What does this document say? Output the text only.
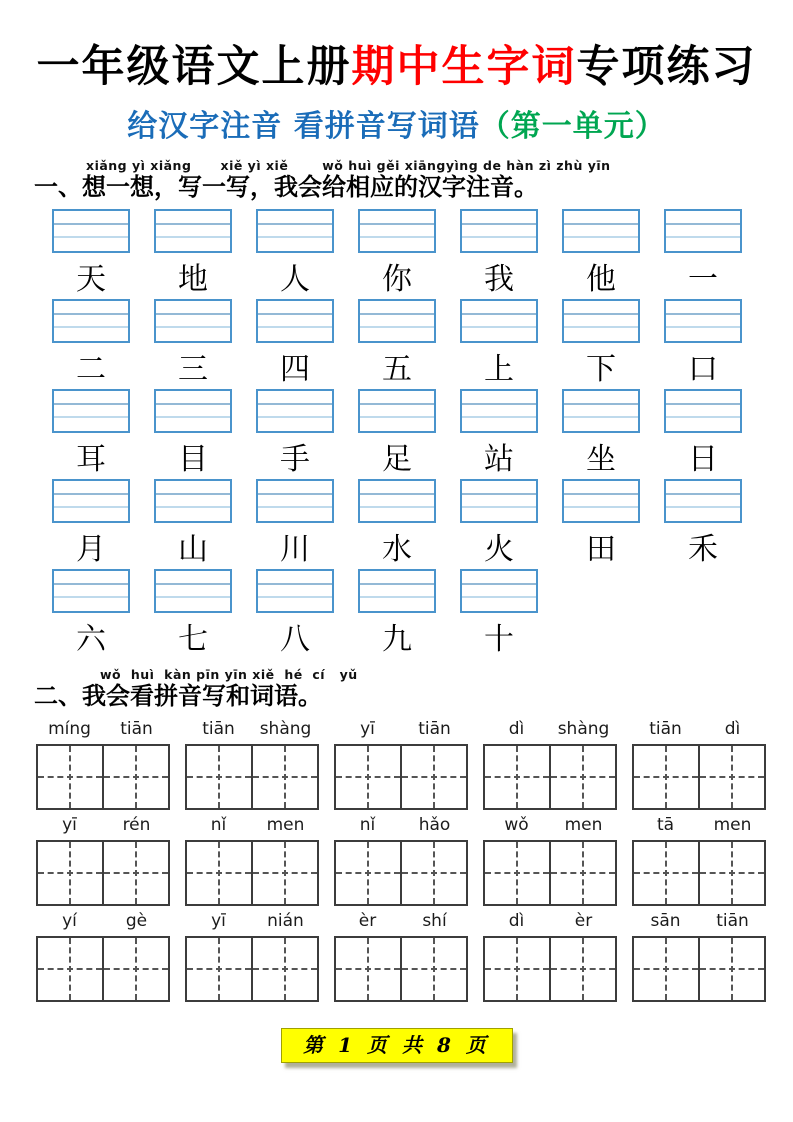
一年级语文上册期中生字词专项练习
给汉字注音 看拼音写词语（第一单元）
xiǎng yì xiǎng      xiě yì xiě       wǒ huì gěi xiāngyìng de hàn zì zhù yīn
一、想一想，写一写，我会给相应的汉字注音。
天 地 人 你 我 他 一
二 三 四 五 上 下 口
耳 目 手 足 站 坐 日
月 山 川 水 火 田 禾
六 七 八 九 十
wǒ  huì  kàn pīn yīn xiě  hé  cí   yǔ
二、我会看拼音写和词语。
míng	tiān	tiān	shàng	yī	tiān	dì	shàng	tiān	dì
yī	rén	nǐ	men	nǐ	hǎo	wǒ	men	tā	men
yí	gè	yī	nián	èr	shí	dì	èr	sān	tiān
第 1 页 共 8 页
